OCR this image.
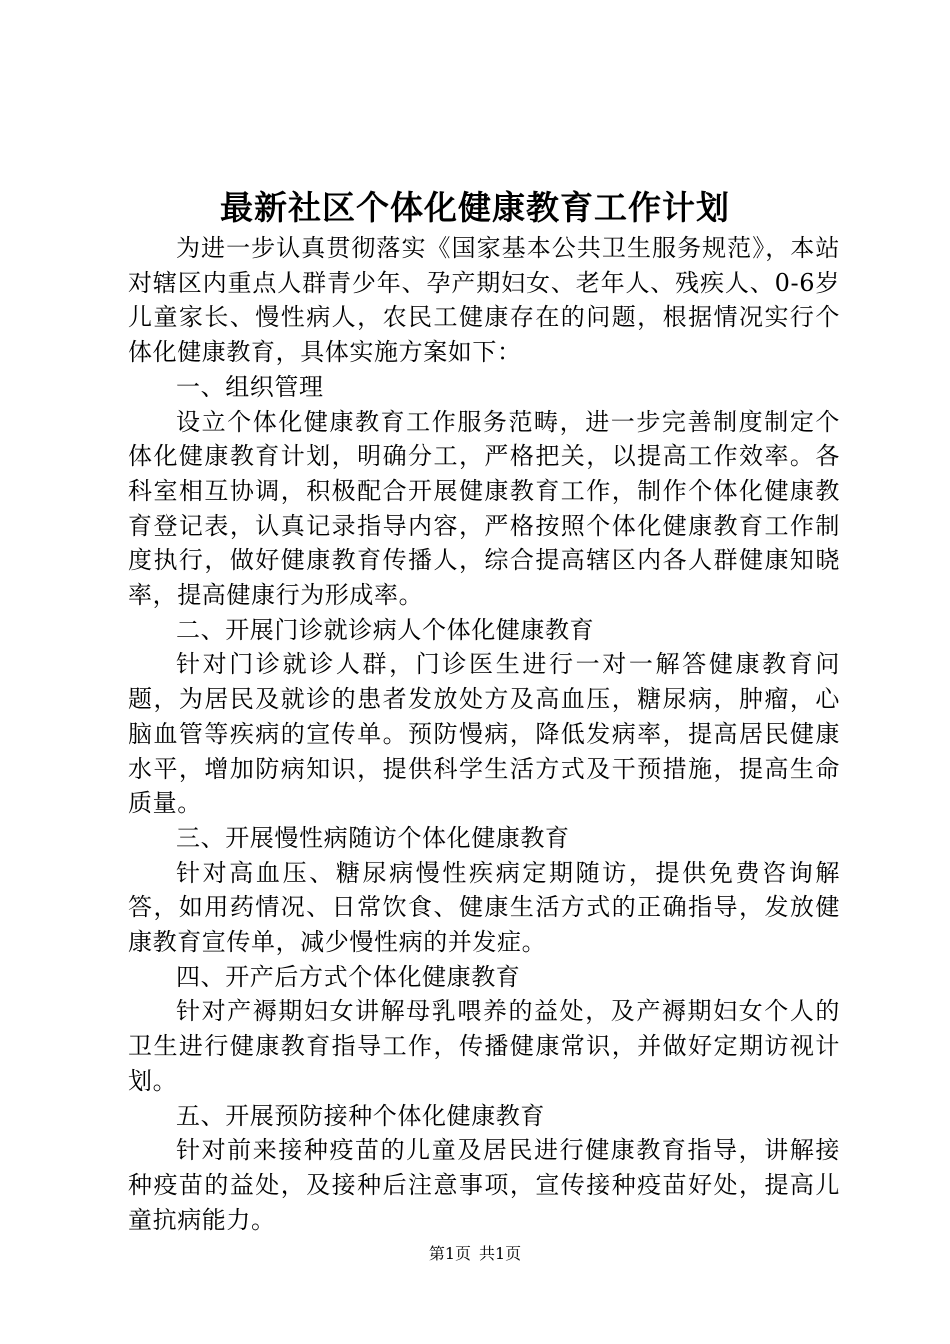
最新社区个体化健康教育工作计划

为进一步认真贯彻落实《国家基本公共卫生服务规范》，本站对辖区内重点人群青少年、孕产期妇女、老年人、残疾人、0-6岁儿童家长、慢性病人，农民工健康存在的问题，根据情况实行个体化健康教育，具体实施方案如下：

一、组织管理

设立个体化健康教育工作服务范畴，进一步完善制度制定个体化健康教育计划，明确分工，严格把关，以提高工作效率。各科室相互协调，积极配合开展健康教育工作，制作个体化健康教育登记表，认真记录指导内容，严格按照个体化健康教育工作制度执行，做好健康教育传播人，综合提高辖区内各人群健康知晓率，提高健康行为形成率。

二、开展门诊就诊病人个体化健康教育

针对门诊就诊人群，门诊医生进行一对一解答健康教育问题，为居民及就诊的患者发放处方及高血压，糖尿病，肿瘤，心脑血管等疾病的宣传单。预防慢病，降低发病率，提高居民健康水平，增加防病知识，提供科学生活方式及干预措施，提高生命质量。

三、开展慢性病随访个体化健康教育

针对高血压、糖尿病慢性疾病定期随访，提供免费咨询解答，如用药情况、日常饮食、健康生活方式的正确指导，发放健康教育宣传单，减少慢性病的并发症。

四、开产后方式个体化健康教育

针对产褥期妇女讲解母乳喂养的益处，及产褥期妇女个人的卫生进行健康教育指导工作，传播健康常识，并做好定期访视计划。

五、开展预防接种个体化健康教育

针对前来接种疫苗的儿童及居民进行健康教育指导，讲解接种疫苗的益处，及接种后注意事项，宣传接种疫苗好处，提高儿童抗病能力。

第1页 共1页
